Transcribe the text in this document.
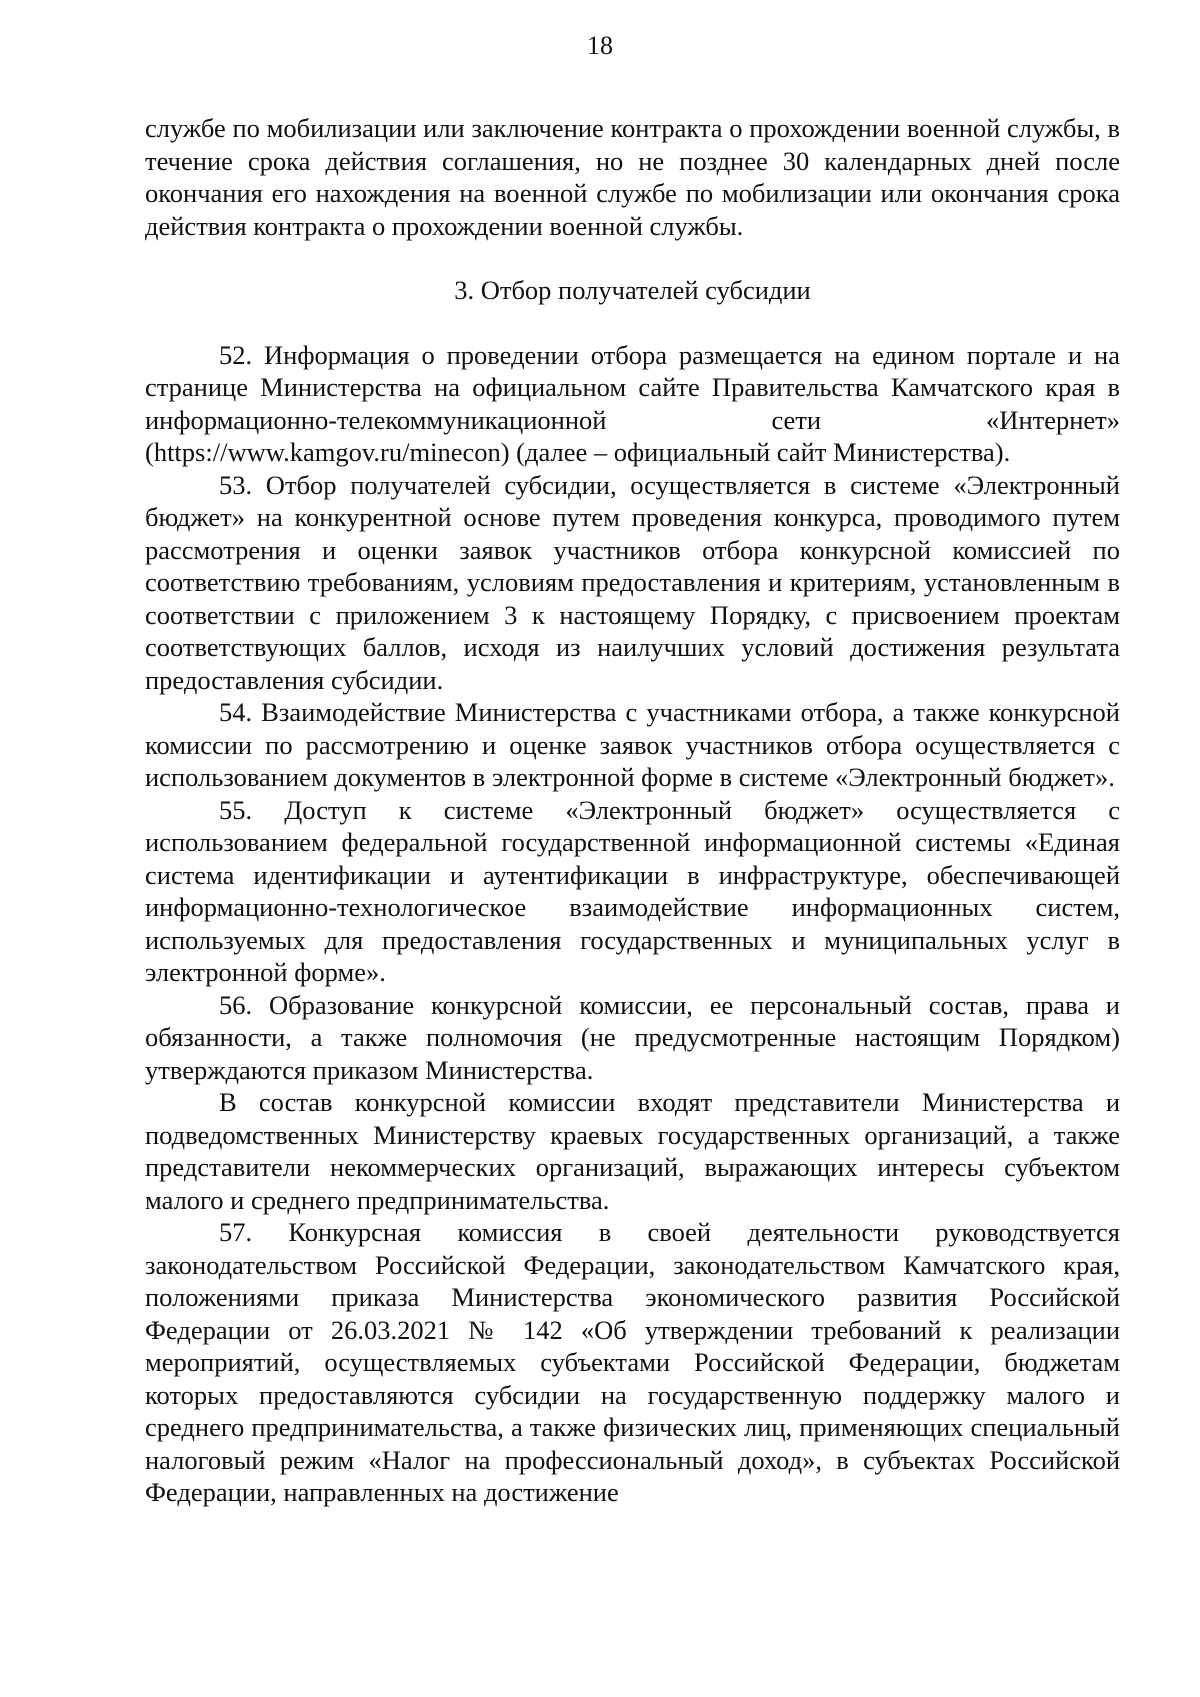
18

службе по мобилизации или заключение контракта о прохождении военной службы, в течение срока действия соглашения, но не позднее 30 календарных дней после окончания его нахождения на военной службе по мобилизации или окончания срока действия контракта о прохождении военной службы.

3. Отбор получателей субсидии

52. Информация о проведении отбора размещается на едином портале и на странице Министерства на официальном сайте Правительства Камчатского края в информационно-телекоммуникационной сети «Интернет» (https://www.kamgov.ru/minecon) (далее – официальный сайт Министерства).

53. Отбор получателей субсидии, осуществляется в системе «Электронный бюджет» на конкурентной основе путем проведения конкурса, проводимого путем рассмотрения и оценки заявок участников отбора конкурсной комиссией по соответствию требованиям, условиям предоставления и критериям, установленным в соответствии с приложением 3 к настоящему Порядку, с присвоением проектам соответствующих баллов, исходя из наилучших условий достижения результата предоставления субсидии.

54. Взаимодействие Министерства с участниками отбора, а также конкурсной комиссии по рассмотрению и оценке заявок участников отбора осуществляется с использованием документов в электронной форме в системе «Электронный бюджет».

55. Доступ к системе «Электронный бюджет» осуществляется с использованием федеральной государственной информационной системы «Единая система идентификации и аутентификации в инфраструктуре, обеспечивающей информационно-технологическое взаимодействие информационных систем, используемых для предоставления государственных и муниципальных услуг в электронной форме».

56. Образование конкурсной комиссии, ее персональный состав, права и обязанности, а также полномочия (не предусмотренные настоящим Порядком) утверждаются приказом Министерства.

В состав конкурсной комиссии входят представители Министерства и подведомственных Министерству краевых государственных организаций, а также представители некоммерческих организаций, выражающих интересы субъектом малого и среднего предпринимательства.

57. Конкурсная комиссия в своей деятельности руководствуется законодательством Российской Федерации, законодательством Камчатского края, положениями приказа Министерства экономического развития Российской Федерации от 26.03.2021 № 142 «Об утверждении требований к реализации мероприятий, осуществляемых субъектами Российской Федерации, бюджетам которых предоставляются субсидии на государственную поддержку малого и среднего предпринимательства, а также физических лиц, применяющих специальный налоговый режим «Налог на профессиональный доход», в субъектах Российской Федерации, направленных на достижение
